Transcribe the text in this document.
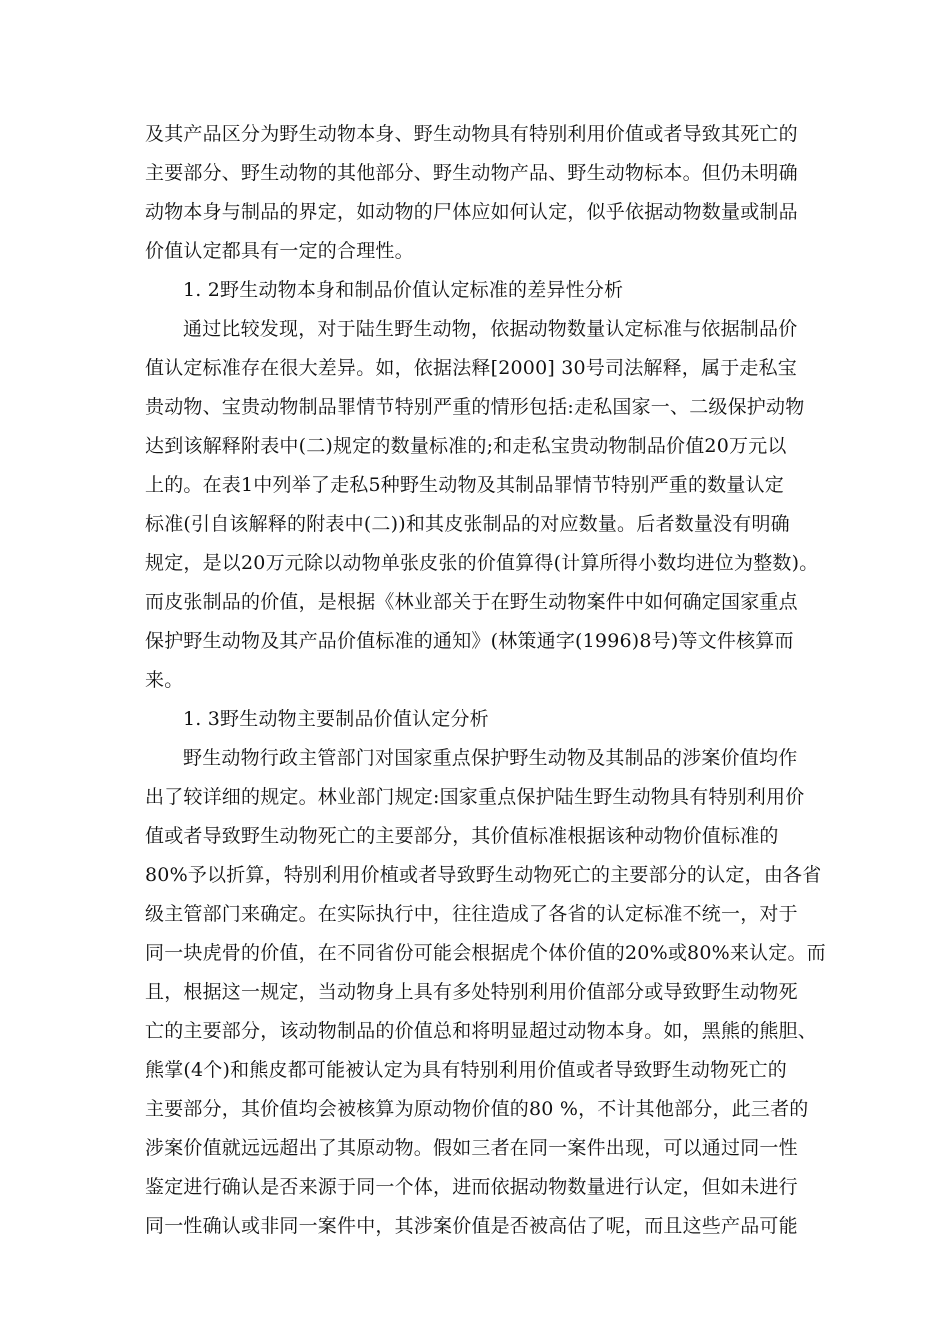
及其产品区分为野生动物本身、野生动物具有特别利用价值或者导致其死亡的
主要部分、野生动物的其他部分、野生动物产品、野生动物标本。但仍未明确
动物本身与制品的界定，如动物的尸体应如何认定，似乎依据动物数量或制品
价值认定都具有一定的合理性。
1. 2野生动物本身和制品价值认定标准的差异性分析
通过比较发现，对于陆生野生动物，依据动物数量认定标准与依据制品价
值认定标准存在很大差异。如，依据法释[2000] 30号司法解释，属于走私宝
贵动物、宝贵动物制品罪情节特别严重的情形包括:走私国家一、二级保护动物
达到该解释附表中(二)规定的数量标准的;和走私宝贵动物制品价值20万元以
上的。在表1中列举了走私5种野生动物及其制品罪情节特别严重的数量认定
标准(引自该解释的附表中(二))和其皮张制品的对应数量。后者数量没有明确
规定，是以20万元除以动物单张皮张的价值算得(计算所得小数均进位为整数)。
而皮张制品的价值，是根据《林业部关于在野生动物案件中如何确定国家重点
保护野生动物及其产品价值标准的通知》(林策通字(1996)8号)等文件核算而
来。
1. 3野生动物主要制品价值认定分析
野生动物行政主管部门对国家重点保护野生动物及其制品的涉案价值均作
出了较详细的规定。林业部门规定:国家重点保护陆生野生动物具有特别利用价
值或者导致野生动物死亡的主要部分，其价值标准根据该种动物价值标准的
80%予以折算，特别利用价植或者导致野生动物死亡的主要部分的认定，由各省
级主管部门来确定。在实际执行中，往往造成了各省的认定标准不统一，对于
同一块虎骨的价值，在不同省份可能会根据虎个体价值的20%或80%来认定。而
且，根据这一规定，当动物身上具有多处特别利用价值部分或导致野生动物死
亡的主要部分，该动物制品的价值总和将明显超过动物本身。如，黑熊的熊胆、
熊掌(4个)和熊皮都可能被认定为具有特别利用价值或者导致野生动物死亡的
主要部分，其价值均会被核算为原动物价值的80 %，不计其他部分，此三者的
涉案价值就远远超出了其原动物。假如三者在同一案件出现，可以通过同一性
鉴定进行确认是否来源于同一个体，进而依据动物数量进行认定，但如未进行
同一性确认或非同一案件中，其涉案价值是否被高估了呢，而且这些产品可能
